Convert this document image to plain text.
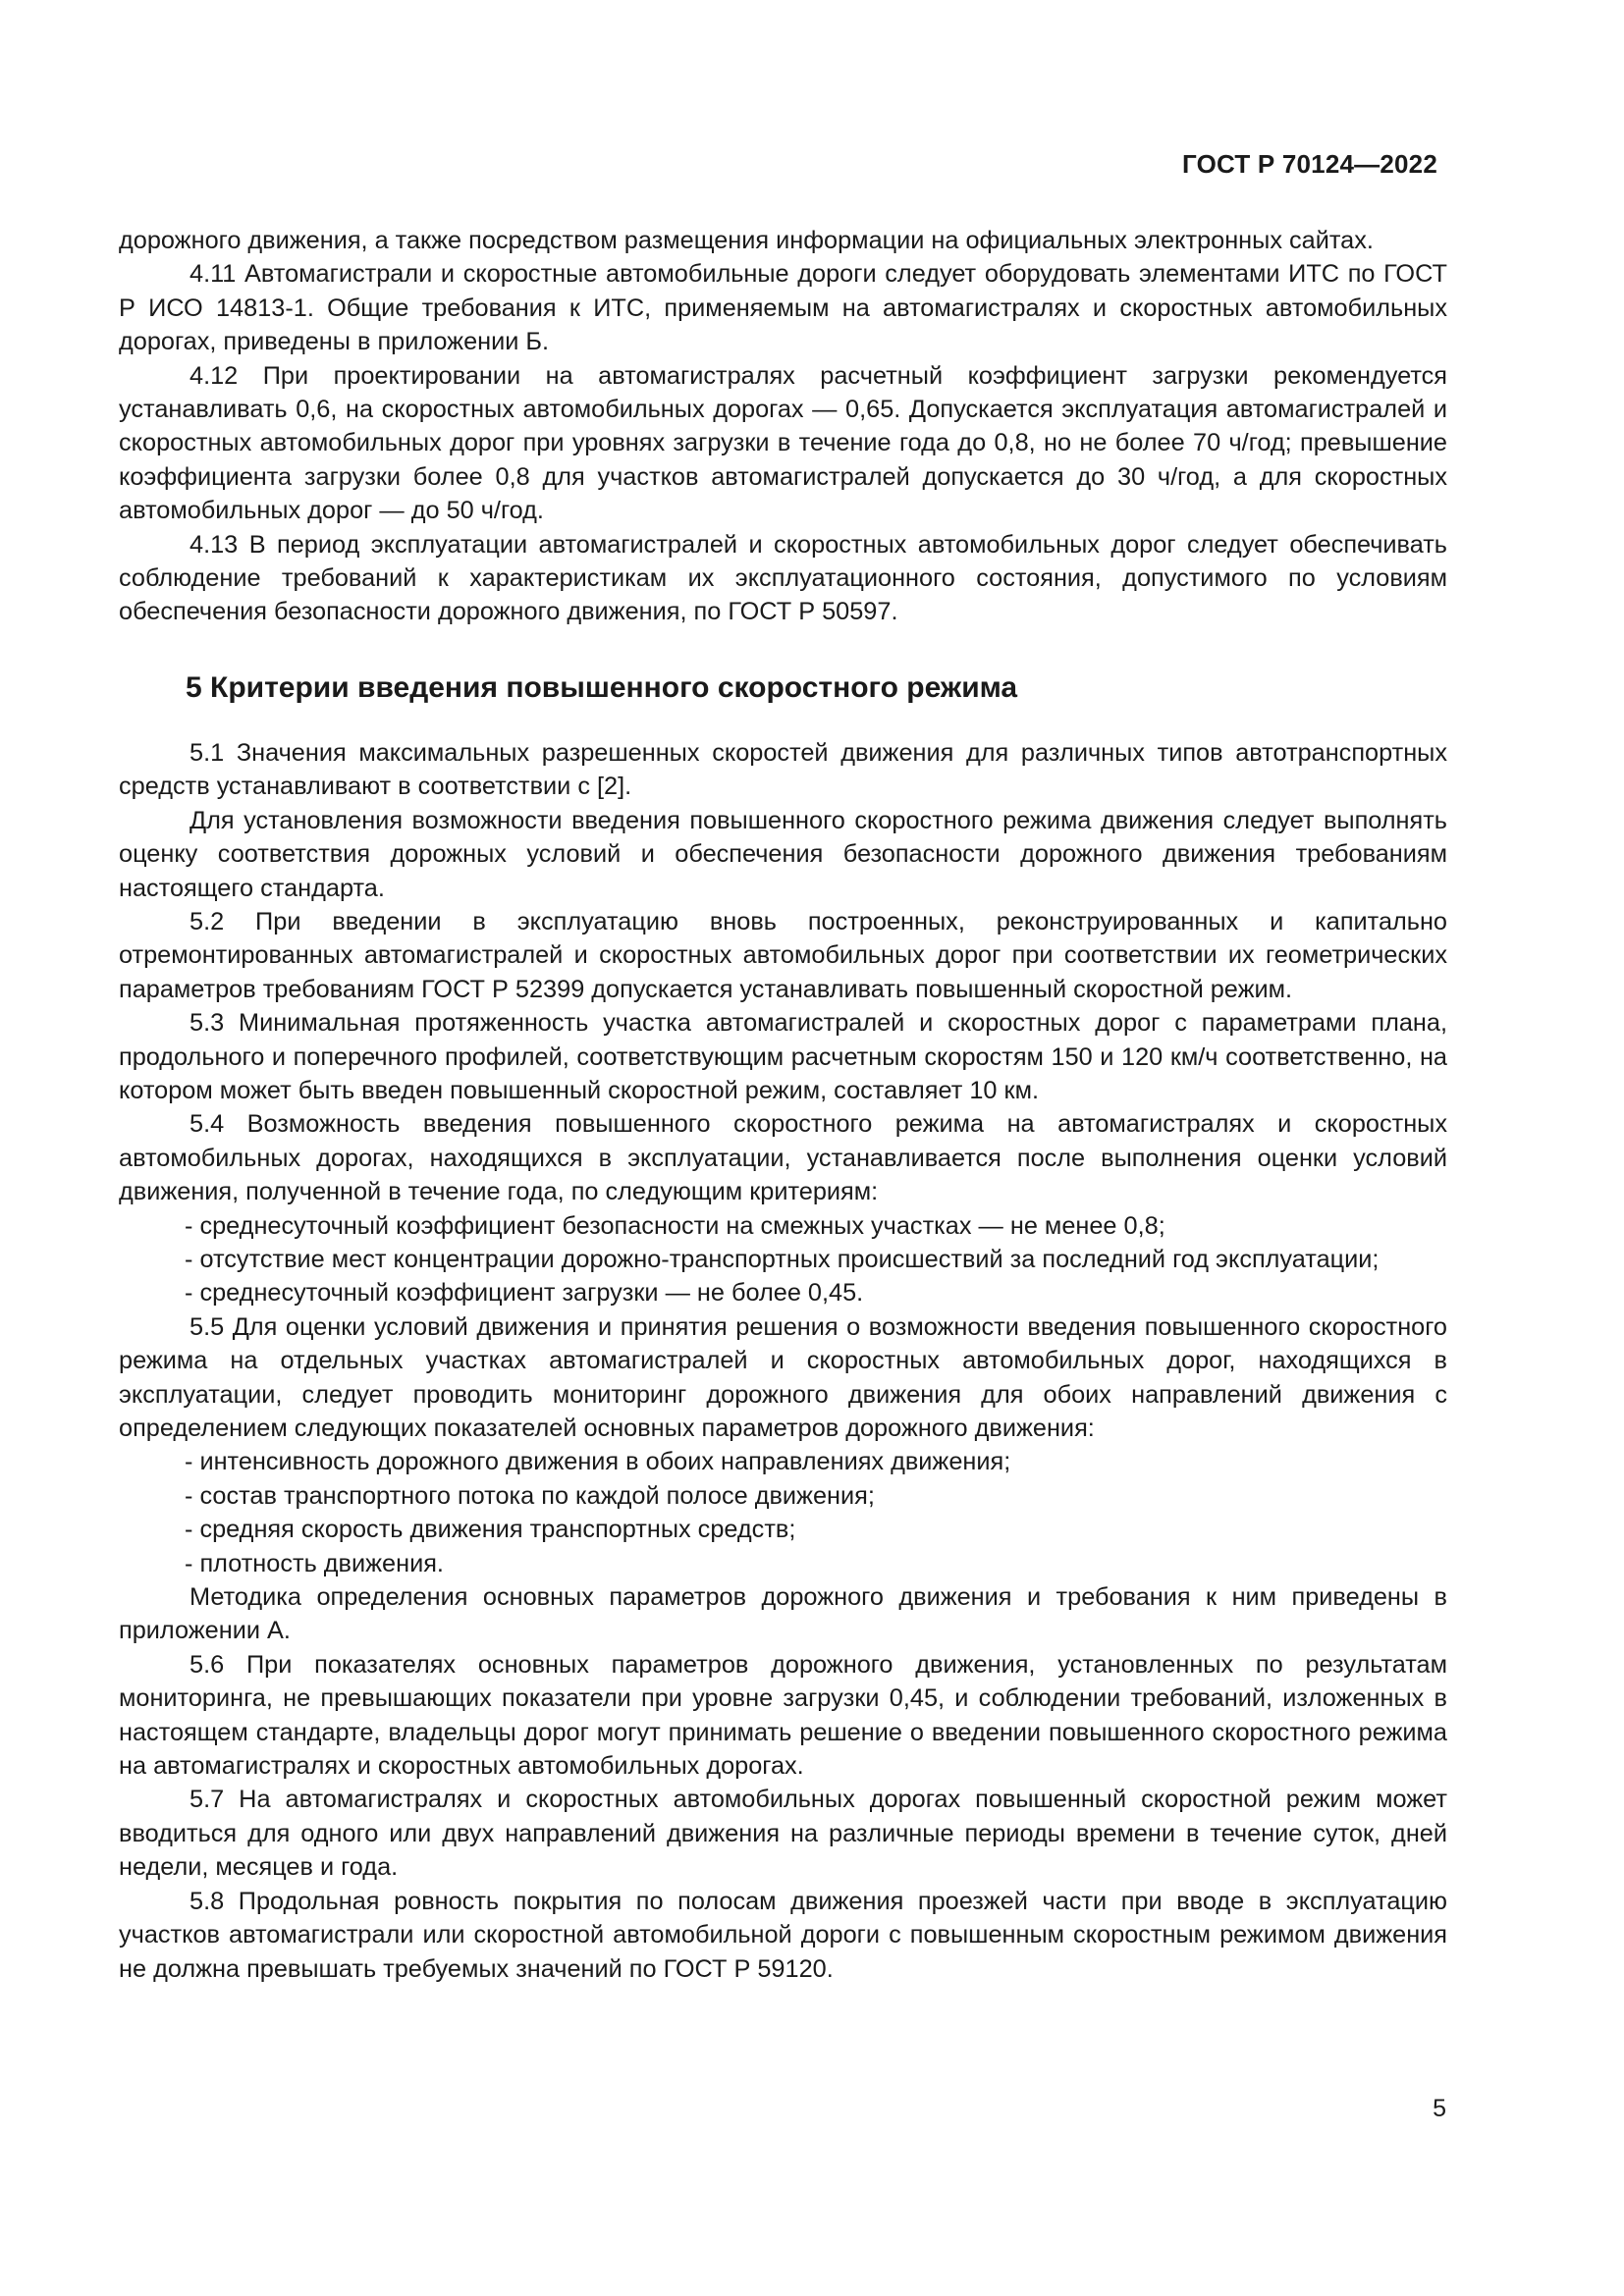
ГОСТ Р 70124—2022

дорожного движения, а также посредством размещения информации на официальных электронных сайтах.

4.11 Автомагистрали и скоростные автомобильные дороги следует оборудовать элементами ИТС по ГОСТ Р ИСО 14813-1. Общие требования к ИТС, применяемым на автомагистралях и скоростных автомобильных дорогах, приведены в приложении Б.

4.12 При проектировании на автомагистралях расчетный коэффициент загрузки рекомендуется устанавливать 0,6, на скоростных автомобильных дорогах — 0,65. Допускается эксплуатация автомагистралей и скоростных автомобильных дорог при уровнях загрузки в течение года до 0,8, но не более 70 ч/год; превышение коэффициента загрузки более 0,8 для участков автомагистралей допускается до 30 ч/год, а для скоростных автомобильных дорог — до 50 ч/год.

4.13 В период эксплуатации автомагистралей и скоростных автомобильных дорог следует обеспечивать соблюдение требований к характеристикам их эксплуатационного состояния, допустимого по условиям обеспечения безопасности дорожного движения, по ГОСТ Р 50597.

5 Критерии введения повышенного скоростного режима

5.1 Значения максимальных разрешенных скоростей движения для различных типов автотранспортных средств устанавливают в соответствии с [2].

Для установления возможности введения повышенного скоростного режима движения следует выполнять оценку соответствия дорожных условий и обеспечения безопасности дорожного движения требованиям настоящего стандарта.

5.2 При введении в эксплуатацию вновь построенных, реконструированных и капитально отремонтированных автомагистралей и скоростных автомобильных дорог при соответствии их геометрических параметров требованиям ГОСТ Р 52399 допускается устанавливать повышенный скоростной режим.

5.3 Минимальная протяженность участка автомагистралей и скоростных дорог с параметрами плана, продольного и поперечного профилей, соответствующим расчетным скоростям 150 и 120 км/ч соответственно, на котором может быть введен повышенный скоростной режим, составляет 10 км.

5.4 Возможность введения повышенного скоростного режима на автомагистралях и скоростных автомобильных дорогах, находящихся в эксплуатации, устанавливается после выполнения оценки условий движения, полученной в течение года, по следующим критериям:

- среднесуточный коэффициент безопасности на смежных участках — не менее 0,8;

- отсутствие мест концентрации дорожно-транспортных происшествий за последний год эксплуатации;

- среднесуточный коэффициент загрузки — не более 0,45.

5.5 Для оценки условий движения и принятия решения о возможности введения повышенного скоростного режима на отдельных участках автомагистралей и скоростных автомобильных дорог, находящихся в эксплуатации, следует проводить мониторинг дорожного движения для обоих направлений движения с определением следующих показателей основных параметров дорожного движения:

- интенсивность дорожного движения в обоих направлениях движения;

- состав транспортного потока по каждой полосе движения;

- средняя скорость движения транспортных средств;

- плотность движения.

Методика определения основных параметров дорожного движения и требования к ним приведены в приложении А.

5.6 При показателях основных параметров дорожного движения, установленных по результатам мониторинга, не превышающих показатели при уровне загрузки 0,45, и соблюдении требований, изложенных в настоящем стандарте, владельцы дорог могут принимать решение о введении повышенного скоростного режима на автомагистралях и скоростных автомобильных дорогах.

5.7 На автомагистралях и скоростных автомобильных дорогах повышенный скоростной режим может вводиться для одного или двух направлений движения на различные периоды времени в течение суток, дней недели, месяцев и года.

5.8 Продольная ровность покрытия по полосам движения проезжей части при вводе в эксплуатацию участков автомагистрали или скоростной автомобильной дороги с повышенным скоростным режимом движения не должна превышать требуемых значений по ГОСТ Р 59120.

5
